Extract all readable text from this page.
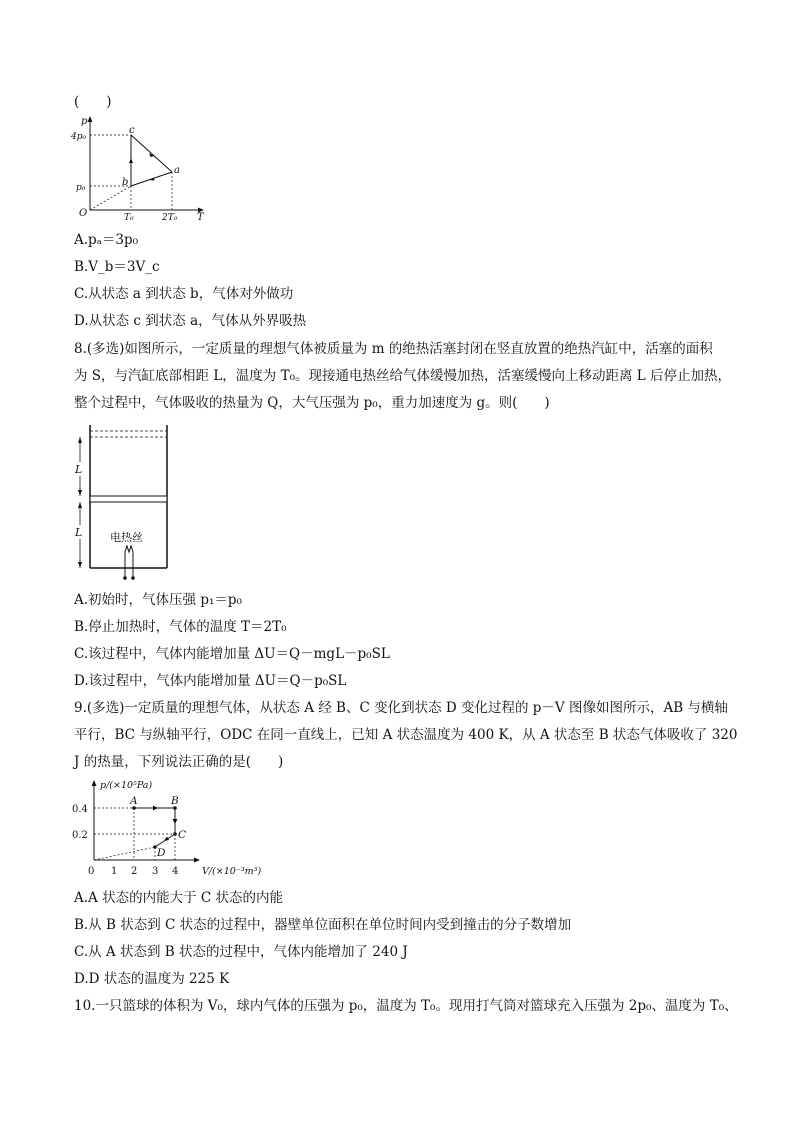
(　　)
p
T
O
4p₀
p₀
T₀	2T₀
c
a
b
A.pₐ＝3p₀
B.V_b＝3V_c
C.从状态 a 到状态 b，气体对外做功
D.从状态 c 到状态 a，气体从外界吸热
8.(多选)如图所示，一定质量的理想气体被质量为 m 的绝热活塞封闭在竖直放置的绝热汽缸中，活塞的面积
为 S，与汽缸底部相距 L，温度为 T₀。现接通电热丝给气体缓慢加热，活塞缓慢向上移动距离 L 后停止加热，
整个过程中，气体吸收的热量为 Q，大气压强为 p₀，重力加速度为 g。则(　　)
L
L	电热丝
A.初始时，气体压强 p₁＝p₀
B.停止加热时，气体的温度 T＝2T₀
C.该过程中，气体内能增加量 ΔU＝Q－mgL－p₀SL
D.该过程中，气体内能增加量 ΔU＝Q－p₀SL
9.(多选)一定质量的理想气体，从状态 A 经 B、C 变化到状态 D 变化过程的 p－V 图像如图所示，AB 与横轴
平行，BC 与纵轴平行，ODC 在同一直线上，已知 A 状态温度为 400 K，从 A 状态至 B 状态气体吸收了 320
J 的热量，下列说法正确的是(　　)
p/(×10⁵Pa)
V/(×10⁻³m³)
0.4
0.2
0 1 2 3 4
A	B
C
D
A.A 状态的内能大于 C 状态的内能
B.从 B 状态到 C 状态的过程中，器壁单位面积在单位时间内受到撞击的分子数增加
C.从 A 状态到 B 状态的过程中，气体内能增加了 240 J
D.D 状态的温度为 225 K
10.一只篮球的体积为 V₀，球内气体的压强为 p₀，温度为 T₀。现用打气筒对篮球充入压强为 2p₀、温度为 T₀、
